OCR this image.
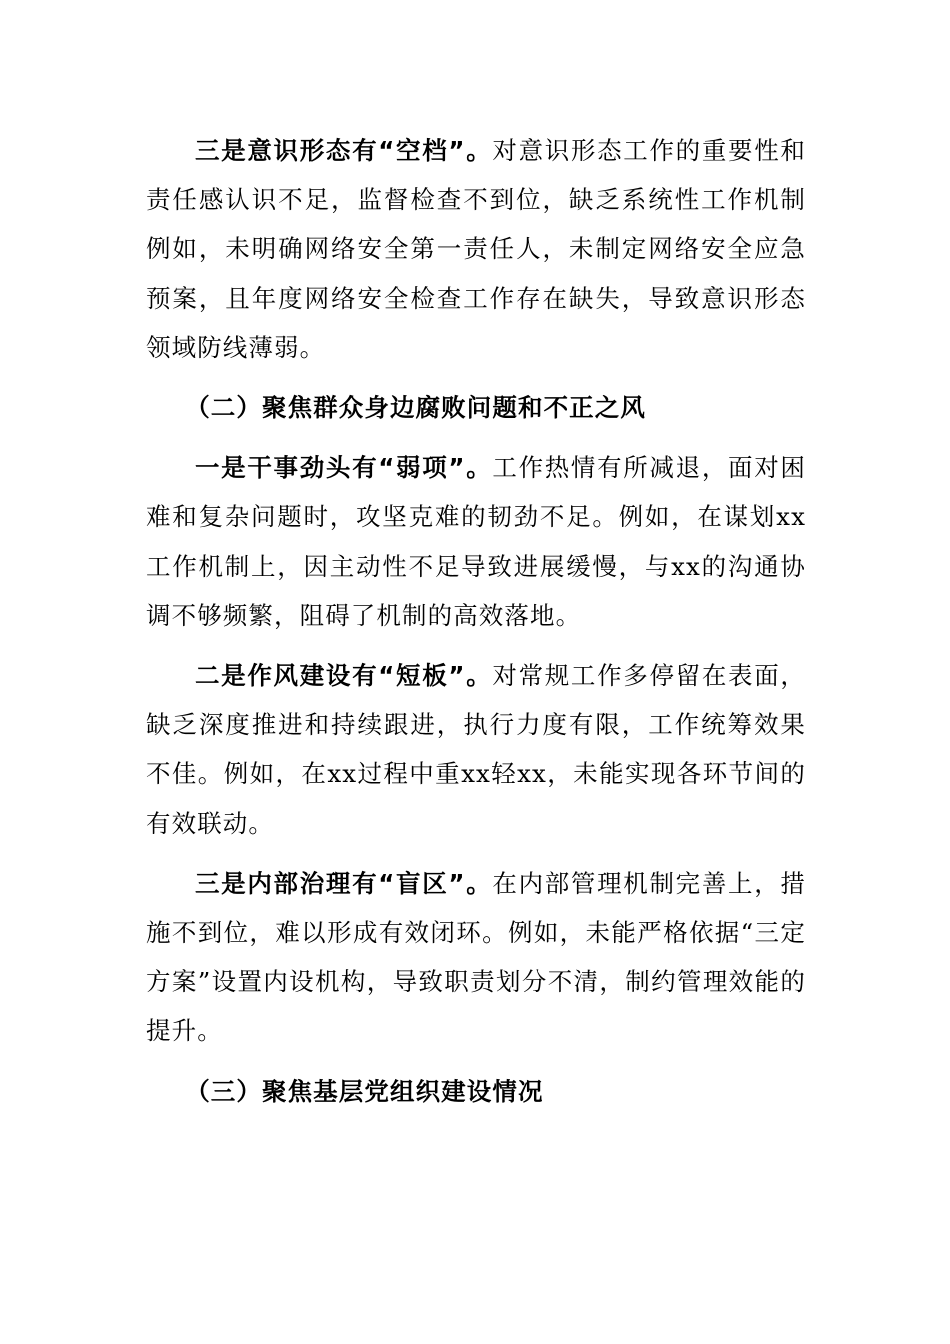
三是意识形态有“空档”。对意识形态工作的重要性和责任感认识不足，监督检查不到位，缺乏系统性工作机制例如，未明确网络安全第一责任人，未制定网络安全应急预案，且年度网络安全检查工作存在缺失，导致意识形态领域防线薄弱。

（二）聚焦群众身边腐败问题和不正之风

一是干事劲头有“弱项”。工作热情有所减退，面对困难和复杂问题时，攻坚克难的韧劲不足。例如，在谋划xx工作机制上，因主动性不足导致进展缓慢，与xx的沟通协调不够频繁，阻碍了机制的高效落地。

二是作风建设有“短板”。对常规工作多停留在表面，缺乏深度推进和持续跟进，执行力度有限，工作统筹效果不佳。例如，在xx过程中重xx轻xx，未能实现各环节间的有效联动。

三是内部治理有“盲区”。在内部管理机制完善上，措施不到位，难以形成有效闭环。例如，未能严格依据“三定方案”设置内设机构，导致职责划分不清，制约管理效能的提升。

（三）聚焦基层党组织建设情况
